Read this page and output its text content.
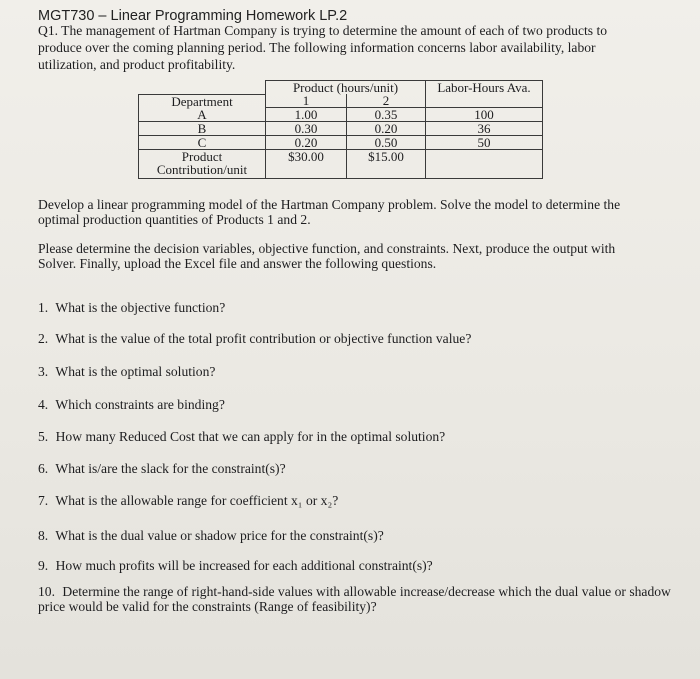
MGT730 – Linear Programming Homework LP.2

Q1. The management of Hartman Company is trying to determine the amount of each of two products to produce over the coming planning period. The following information concerns labor availability, labor utilization, and product profitability.

	Product (hours/unit)		Labor-Hours Ava.
Department	1	2	
A	1.00	0.35	100
B	0.30	0.20	36
C	0.20	0.50	50

Product
Contribution/unit	$30.00	$15.00	

Develop a linear programming model of the Hartman Company problem. Solve the model to determine the optimal production quantities of Products 1 and 2.

Please determine the decision variables, objective function, and constraints. Next, produce the output with Solver. Finally, upload the Excel file and answer the following questions.

1. What is the objective function?
2. What is the value of the total profit contribution or objective function value?
3. What is the optimal solution?
4. Which constraints are binding?
5. How many Reduced Cost that we can apply for in the optimal solution?
6. What is/are the slack for the constraint(s)?
7. What is the allowable range for coefficient x₁ or x₂?
8. What is the dual value or shadow price for the constraint(s)?
9. How much profits will be increased for each additional constraint(s)?
10. Determine the range of right-hand-side values with allowable increase/decrease which the dual value or shadow price would be valid for the constraints (Range of feasibility)?
